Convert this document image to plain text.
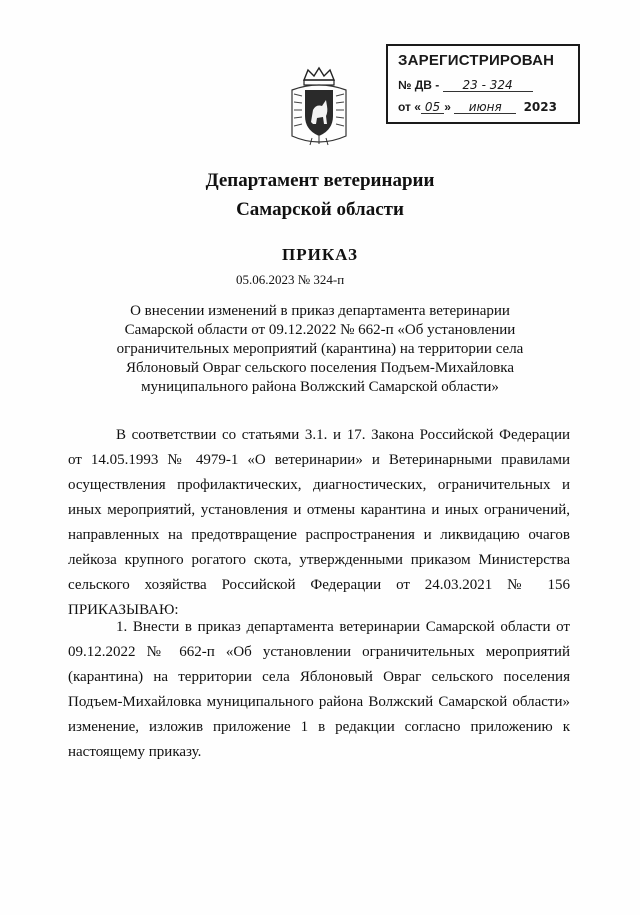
ЗАРЕГИСТРИРОВАН
№ ДВ - 23 - 324
от « 05 » июня 2023
Департамент ветеринарии
Самарской области
ПРИКАЗ
05.06.2023 № 324-п
О внесении изменений в приказ департамента ветеринарии Самарской области от 09.12.2022 № 662-п «Об установлении ограничительных мероприятий (карантина) на территории села Яблоновый Овраг сельского поселения Подъем-Михайловка муниципального района Волжский Самарской области»
В соответствии со статьями 3.1. и 17. Закона Российской Федерации от 14.05.1993 № 4979-1 «О ветеринарии» и Ветеринарными правилами осуществления профилактических, диагностических, ограничительных и иных мероприятий, установления и отмены карантина и иных ограничений, направленных на предотвращение распространения и ликвидацию очагов лейкоза крупного рогатого скота, утвержденными приказом Министерства сельского хозяйства Российской Федерации от 24.03.2021 № 156 ПРИКАЗЫВАЮ:
1. Внести в приказ департамента ветеринарии Самарской области от 09.12.2022 № 662-п «Об установлении ограничительных мероприятий (карантина) на территории села Яблоновый Овраг сельского поселения Подъем-Михайловка муниципального района Волжский Самарской области» изменение, изложив приложение 1 в редакции согласно приложению к настоящему приказу.
